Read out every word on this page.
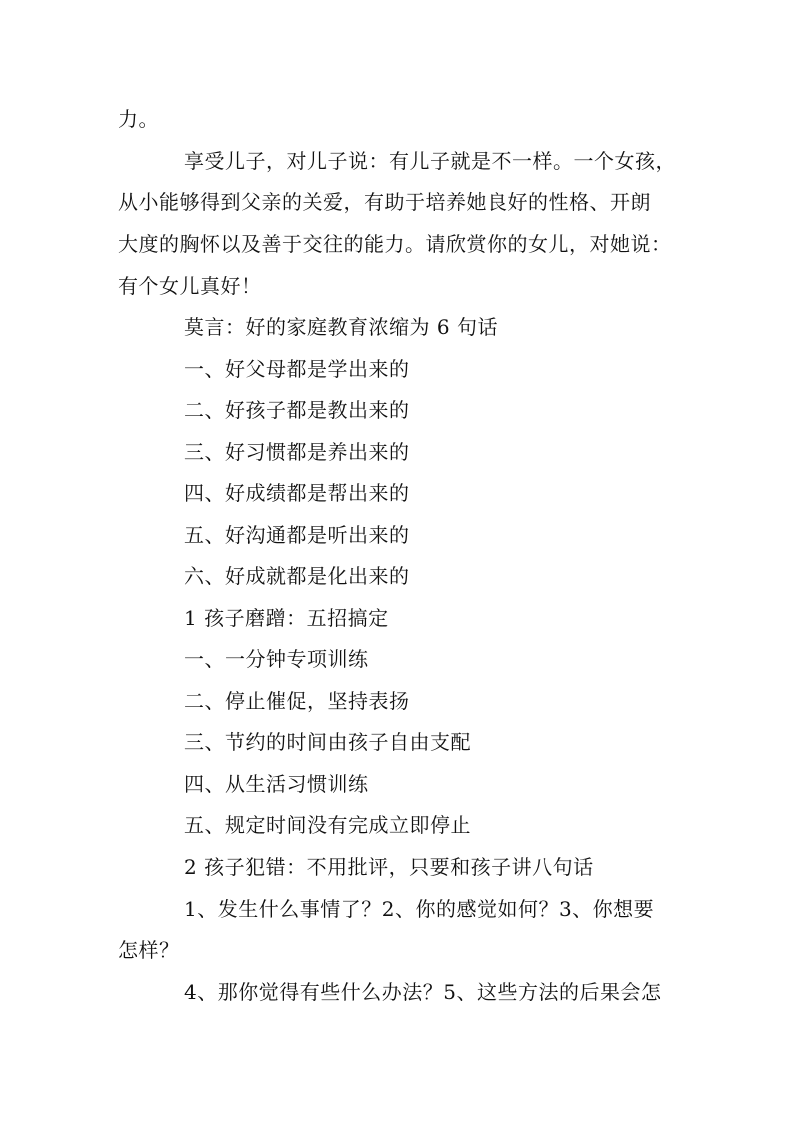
力。
享受儿子，对儿子说：有儿子就是不一样。一个女孩，
从小能够得到父亲的关爱，有助于培养她良好的性格、开朗
大度的胸怀以及善于交往的能力。请欣赏你的女儿，对她说：
有个女儿真好！
莫言：好的家庭教育浓缩为 6 句话
一、好父母都是学出来的
二、好孩子都是教出来的
三、好习惯都是养出来的
四、好成绩都是帮出来的
五、好沟通都是听出来的
六、好成就都是化出来的
1 孩子磨蹭：五招搞定
一、一分钟专项训练
二、停止催促，坚持表扬
三、节约的时间由孩子自由支配
四、从生活习惯训练
五、规定时间没有完成立即停止
2 孩子犯错：不用批评，只要和孩子讲八句话
1、发生什么事情了？2、你的感觉如何？3、你想要
怎样？
4、那你觉得有些什么办法？5、这些方法的后果会怎
